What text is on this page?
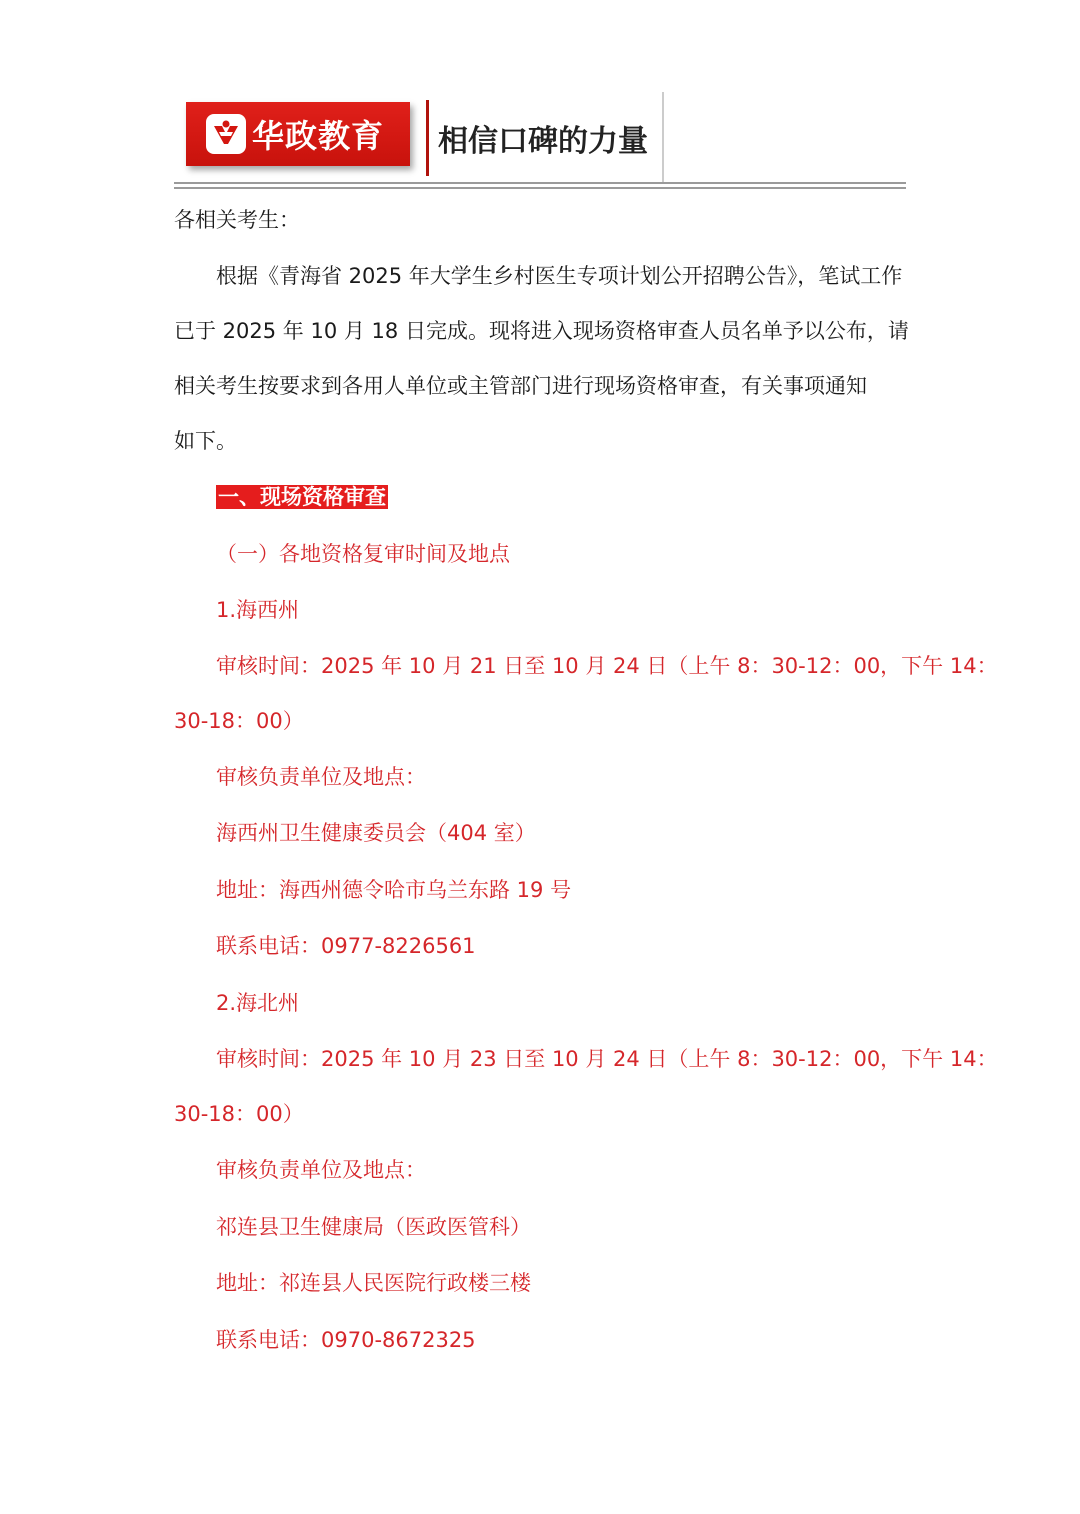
华政教育 相信口碑的力量
各相关考生：
根据《青海省 2025 年大学生乡村医生专项计划公开招聘公告》，笔试工作
已于 2025 年 10 月 18 日完成。现将进入现场资格审查人员名单予以公布，请
相关考生按要求到各用人单位或主管部门进行现场资格审查，有关事项通知
如下。
一、现场资格审查
（一）各地资格复审时间及地点
1.海西州
审核时间：2025 年 10 月 21 日至 10 月 24 日（上午 8：30-12：00，下午 14：
30-18：00）
审核负责单位及地点：
海西州卫生健康委员会（404 室）
地址：海西州德令哈市乌兰东路 19 号
联系电话：0977-8226561
2.海北州
审核时间：2025 年 10 月 23 日至 10 月 24 日（上午 8：30-12：00，下午 14：
30-18：00）
审核负责单位及地点：
祁连县卫生健康局（医政医管科）
地址：祁连县人民医院行政楼三楼
联系电话：0970-8672325
